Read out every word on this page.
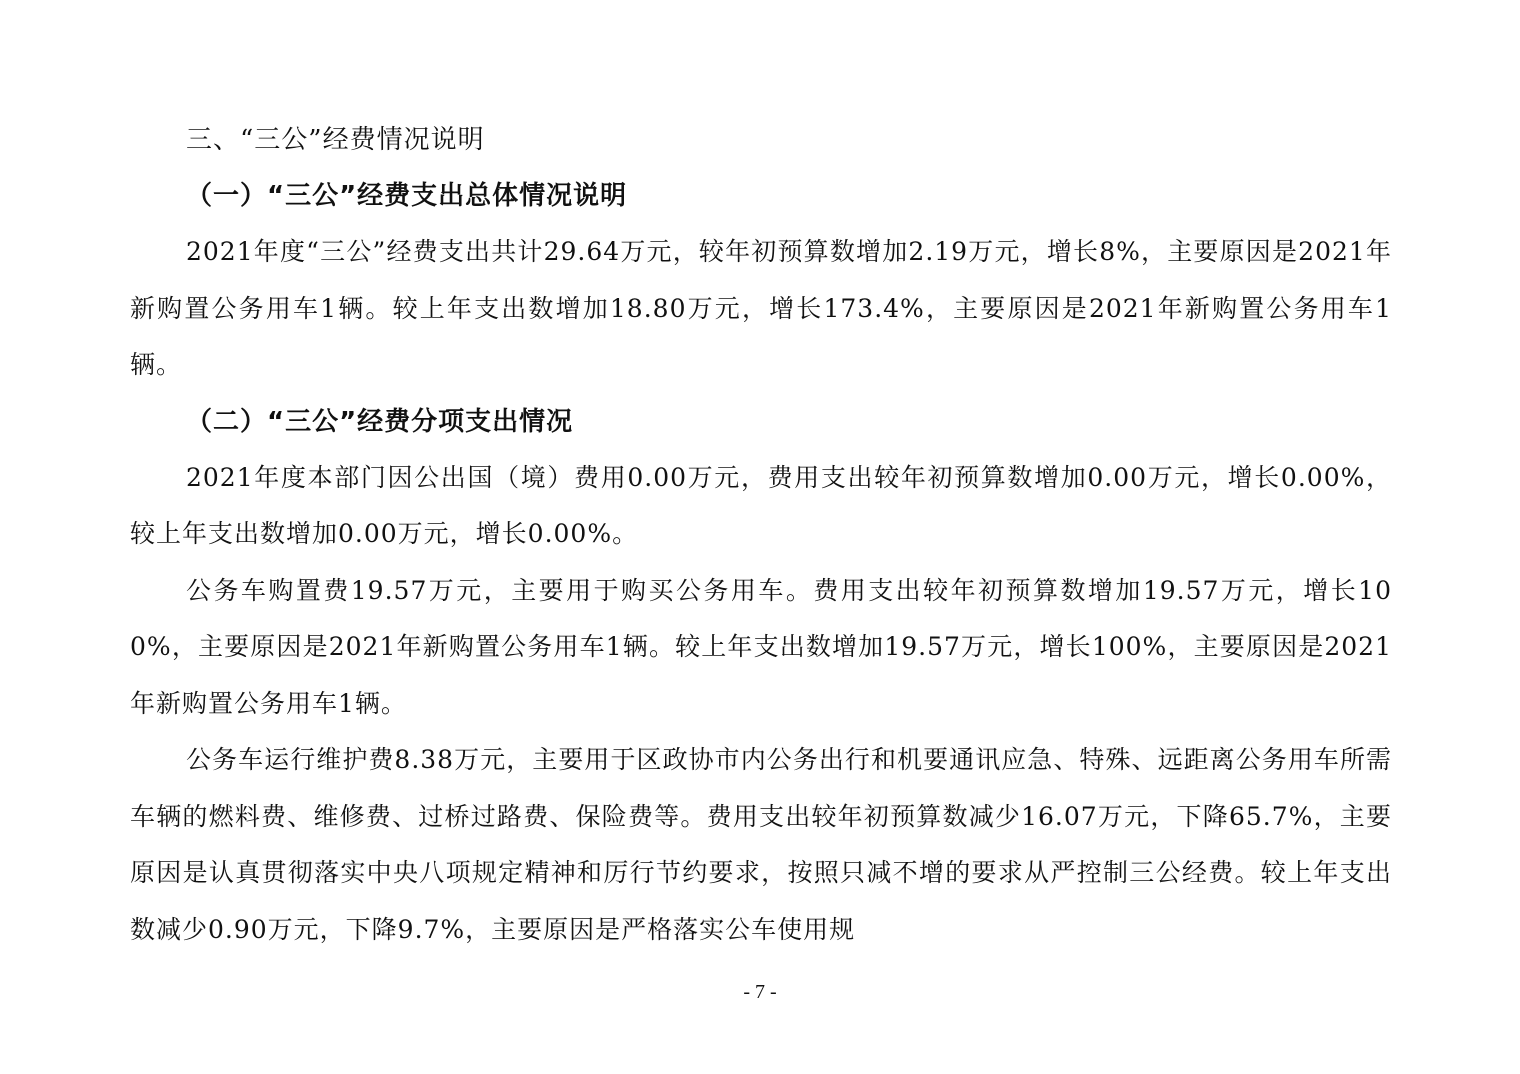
三、“三公”经费情况说明
（一）“三公”经费支出总体情况说明

2021年度“三公”经费支出共计29.64万元，较年初预算数增加2.19万元，增长8%，主要原因是2021年新购置公务用车1辆。较上年支出数增加18.80万元，增长173.4%，主要原因是2021年新购置公务用车1辆。

（二）“三公”经费分项支出情况

2021年度本部门因公出国（境）费用0.00万元，费用支出较年初预算数增加0.00万元，增长0.00%，较上年支出数增加0.00万元，增长0.00%。

公务车购置费19.57万元，主要用于购买公务用车。费用支出较年初预算数增加19.57万元，增长100%，主要原因是2021年新购置公务用车1辆。较上年支出数增加19.57万元，增长100%，主要原因是2021年新购置公务用车1辆。

公务车运行维护费8.38万元，主要用于区政协市内公务出行和机要通讯应急、特殊、远距离公务用车所需车辆的燃料费、维修费、过桥过路费、保险费等。费用支出较年初预算数减少16.07万元，下降65.7%，主要原因是认真贯彻落实中央八项规定精神和厉行节约要求，按照只减不增的要求从严控制三公经费。较上年支出数减少0.90万元，下降9.7%，主要原因是严格落实公车使用规

- 7 -
